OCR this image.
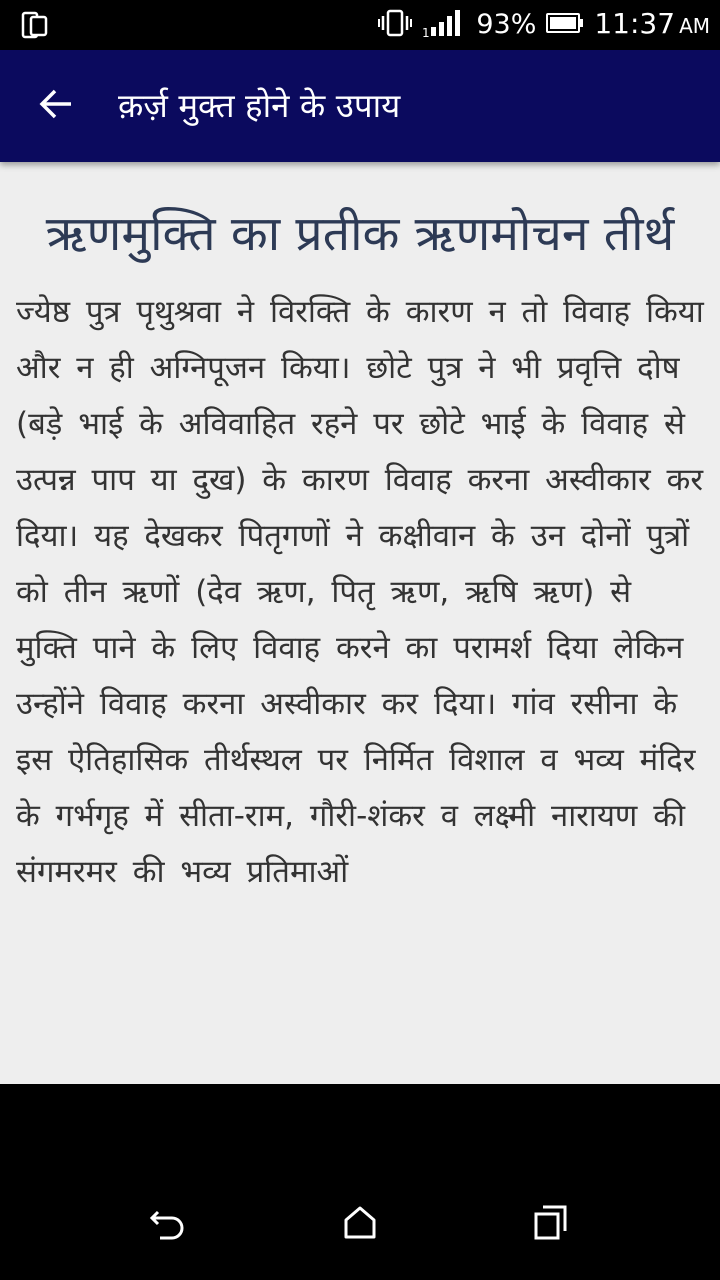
1 93% 11:37 AM
क़र्ज़ मुक्त होने के उपाय
ऋणमुक्ति का प्रतीक ऋणमोचन तीर्थ

ज्येष्ठ पुत्र पृथुश्रवा ने विरक्ति के कारण न तो विवाह किया और न ही अग्निपूजन किया। छोटे पुत्र ने भी प्रवृत्ति दोष (बड़े भाई के अविवाहित रहने पर छोटे भाई के विवाह से उत्पन्न पाप या दुख) के कारण विवाह करना अस्वीकार कर दिया। यह देखकर पितृगणों ने कक्षीवान के उन दोनों पुत्रों को तीन ऋणों (देव ऋण, पितृ ऋण, ऋषि ऋण) से मुक्ति पाने के लिए विवाह करने का परामर्श दिया लेकिन उन्होंने विवाह करना अस्वीकार कर दिया। गांव रसीना के इस ऐतिहासिक तीर्थस्थल पर निर्मित विशाल व भव्य मंदिर के गर्भगृह में सीता-राम, गौरी-शंकर व लक्ष्मी नारायण की संगमरमर की भव्य प्रतिमाओं
